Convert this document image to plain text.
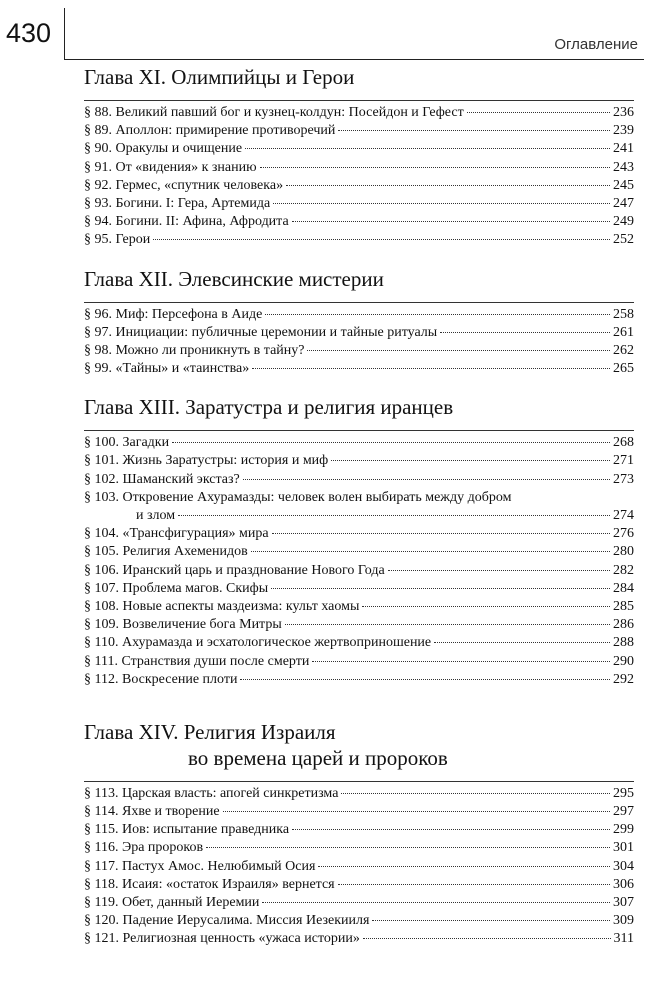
430	Оглавление
Глава XI. Олимпийцы и Герои
§ 88. Великий павший бог и кузнец-колдун: Посейдон и Гефест	236
§ 89. Аполлон: примирение противоречий	239
§ 90. Оракулы и очищение	241
§ 91. От «видения» к знанию	243
§ 92. Гермес, «спутник человека»	245
§ 93. Богини. I: Гера, Артемида	247
§ 94. Богини. II: Афина, Афродита	249
§ 95. Герои	252
Глава XII. Элевсинские мистерии
§ 96. Миф: Персефона в Аиде	258
§ 97. Инициации: публичные церемонии и тайные ритуалы	261
§ 98. Можно ли проникнуть в тайну?	262
§ 99. «Тайны» и «таинства»	265
Глава XIII. Заратустра и религия иранцев
§ 100. Загадки	268
§ 101. Жизнь Заратустры: история и миф	271
§ 102. Шаманский экстаз?	273
§ 103. Откровение Ахурамазды: человек волен выбирать между добром
и злом	274
§ 104. «Трансфигурация» мира	276
§ 105. Религия Ахеменидов	280
§ 106. Иранский царь и празднование Нового Года	282
§ 107. Проблема магов. Скифы	284
§ 108. Новые аспекты маздеизма: культ хаомы	285
§ 109. Возвеличение бога Митры	286
§ 110. Ахурамазда и эсхатологическое жертвоприношение	288
§ 111. Странствия души после смерти	290
§ 112. Воскресение плоти	292
Глава XIV. Религия Израиля
во времена царей и пророков
§ 113. Царская власть: апогей синкретизма	295
§ 114. Яхве и творение	297
§ 115. Иов: испытание праведника	299
§ 116. Эра пророков	301
§ 117. Пастух Амос. Нелюбимый Осия	304
§ 118. Исаия: «остаток Израиля» вернется	306
§ 119. Обет, данный Иеремии	307
§ 120. Падение Иерусалима. Миссия Иезекииля	309
§ 121. Религиозная ценность «ужаса истории»	311
